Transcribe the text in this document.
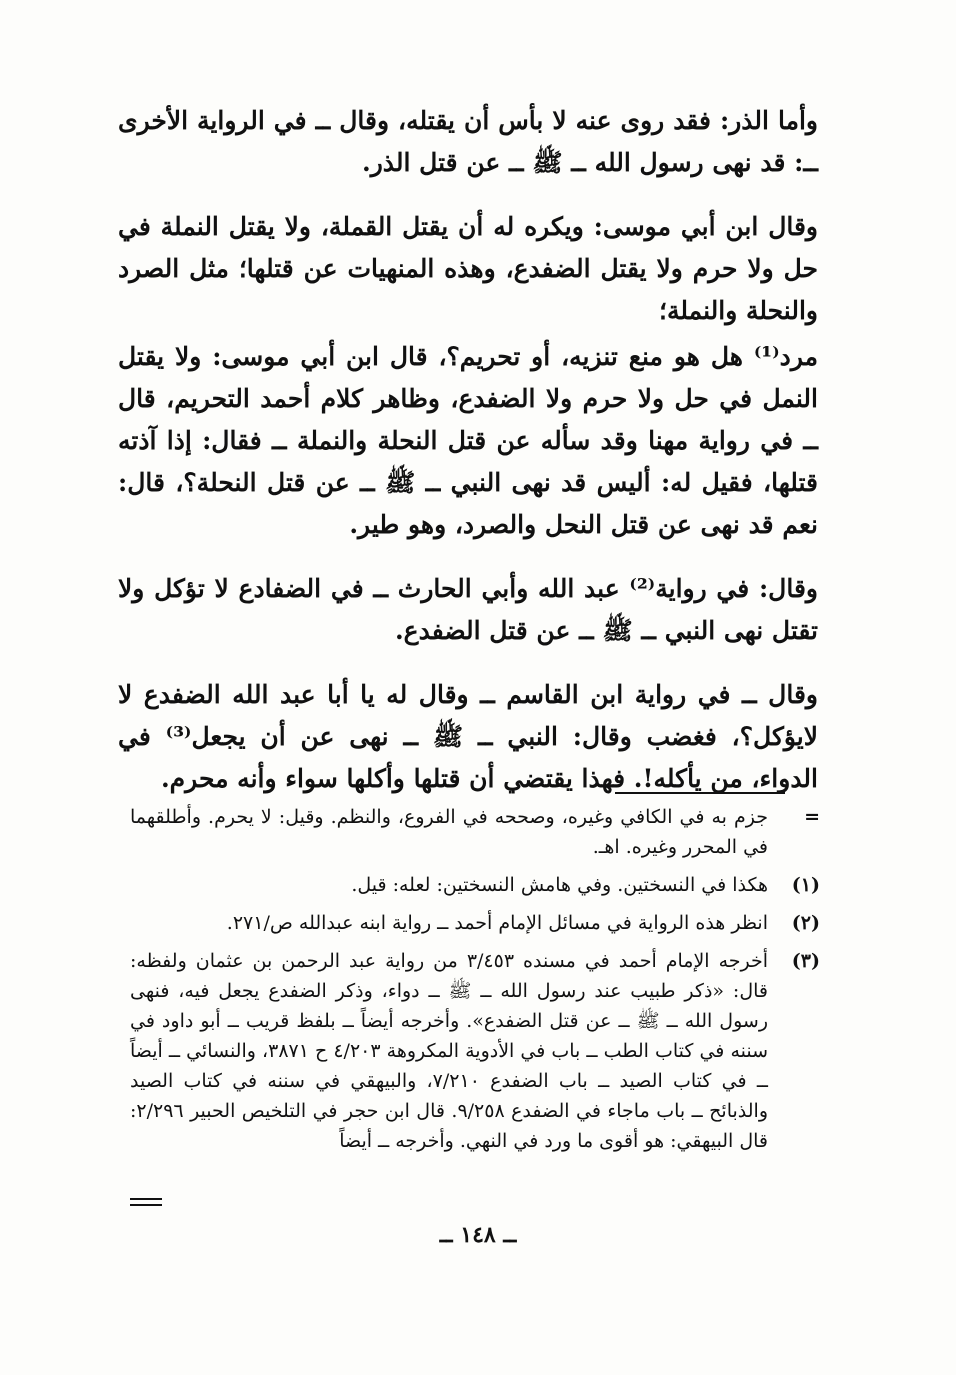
وأما الذر: فقد روى عنه لا بأس أن يقتله، وقال ــ في الرواية الأخرى ــ: قد نهى رسول الله ــ ﷺ ــ عن قتل الذر.

وقال ابن أبي موسى: ويكره له أن يقتل القملة، ولا يقتل النملة في حل ولا حرم ولا يقتل الضفدع، وهذه المنهيات عن قتلها؛ مثل الصرد والنحلة والنملة؛

مرد⁽¹⁾ هل هو منع تنزيه، أو تحريم؟، قال ابن أبي موسى: ولا يقتل النمل في حل ولا حرم ولا الضفدع، وظاهر كلام أحمد التحريم، قال ــ في رواية مهنا وقد سأله عن قتل النحلة والنملة ــ فقال: إذا آذته قتلها، فقيل له: أليس قد نهى النبي ــ ﷺ ــ عن قتل النحلة؟، قال: نعم قد نهى عن قتل النحل والصرد، وهو طير.

وقال: في رواية⁽²⁾ عبد الله وأبي الحارث ــ في الضفادع لا تؤكل ولا تقتل نهى النبي ــ ﷺ ــ عن قتل الضفدع.

وقال ــ في رواية ابن القاسم ــ وقال له يا أبا عبد الله الضفدع لا لايؤكل؟، فغضب وقال: النبي ــ ﷺ ــ نهى عن أن يجعل⁽³⁾ في الدواء، من يأكله!. فهذا يقتضي أن قتلها وأكلها سواء وأنه محرم.

=
جزم به في الكافي وغيره، وصححه في الفروع، والنظم. وقيل: لا يحرم. وأطلقهما في المحرر وغيره. اهـ.
(١)
هكذا في النسختين. وفي هامش النسختين: لعله: قيل.
(٢)
انظر هذه الرواية في مسائل الإمام أحمد ــ رواية ابنه عبدالله ص/٢٧١.
(٣)
أخرجه الإمام أحمد في مسنده ٣/٤٥٣ من رواية عبد الرحمن بن عثمان ولفظه: قال: «ذكر طبيب عند رسول الله ــ ﷺ ــ دواء، وذكر الضفدع يجعل فيه، فنهى رسول الله ــ ﷺ ــ عن قتل الضفدع». وأخرجه أيضاً ــ بلفظ قريب ــ أبو داود في سننه في كتاب الطب ــ باب في الأدوية المكروهة ٤/٢٠٣ ح ٣٨٧١، والنسائي ــ أيضاً ــ في كتاب الصيد ــ باب الضفدع ٧/٢١٠، والبيهقي في سننه في كتاب الصيد والذبائح ــ باب ماجاء في الضفدع ٩/٢٥٨. قال ابن حجر في التلخيص الحبير ٢/٢٩٦: قال البيهقي: هو أقوى ما ورد في النهي. وأخرجه ــ أيضاً
ــ ١٤٨ ــ
